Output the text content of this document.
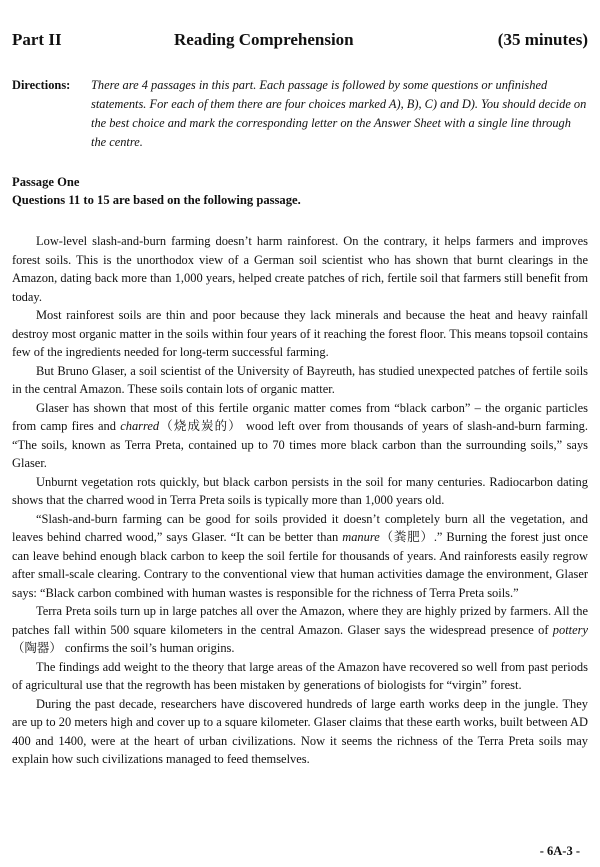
Part II	Reading Comprehension	(35 minutes)
Directions: There are 4 passages in this part. Each passage is followed by some questions or unfinished statements. For each of them there are four choices marked A), B), C) and D). You should decide on the best choice and mark the corresponding letter on the Answer Sheet with a single line through the centre.
Passage One
Questions 11 to 15 are based on the following passage.

Low-level slash-and-burn farming doesn’t harm rainforest. On the contrary, it helps farmers and improves forest soils. This is the unorthodox view of a German soil scientist who has shown that burnt clearings in the Amazon, dating back more than 1,000 years, helped create patches of rich, fertile soil that farmers still benefit from today.

Most rainforest soils are thin and poor because they lack minerals and because the heat and heavy rainfall destroy most organic matter in the soils within four years of it reaching the forest floor. This means topsoil contains few of the ingredients needed for long-term successful farming.

But Bruno Glaser, a soil scientist of the University of Bayreuth, has studied unexpected patches of fertile soils in the central Amazon. These soils contain lots of organic matter.

Glaser has shown that most of this fertile organic matter comes from “black carbon” – the organic particles from camp fires and charred（烧成炭的） wood left over from thousands of years of slash-and-burn farming. “The soils, known as Terra Preta, contained up to 70 times more black carbon than the surrounding soils,” says Glaser.

Unburnt vegetation rots quickly, but black carbon persists in the soil for many centuries. Radiocarbon dating shows that the charred wood in Terra Preta soils is typically more than 1,000 years old.

“Slash-and-burn farming can be good for soils provided it doesn’t completely burn all the vegetation, and leaves behind charred wood,” says Glaser. “It can be better than manure（粪肥）.” Burning the forest just once can leave behind enough black carbon to keep the soil fertile for thousands of years. And rainforests easily regrow after small-scale clearing. Contrary to the conventional view that human activities damage the environment, Glaser says: “Black carbon combined with human wastes is responsible for the richness of Terra Preta soils.”

Terra Preta soils turn up in large patches all over the Amazon, where they are highly prized by farmers. All the patches fall within 500 square kilometers in the central Amazon. Glaser says the widespread presence of pottery（陶器） confirms the soil’s human origins.

The findings add weight to the theory that large areas of the Amazon have recovered so well from past periods of agricultural use that the regrowth has been mistaken by generations of biologists for “virgin” forest.

During the past decade, researchers have discovered hundreds of large earth works deep in the jungle. They are up to 20 meters high and cover up to a square kilometer. Glaser claims that these earth works, built between AD 400 and 1400, were at the heart of urban civilizations. Now it seems the richness of the Terra Preta soils may explain how such civilizations managed to feed themselves.

- 6A-3 -
